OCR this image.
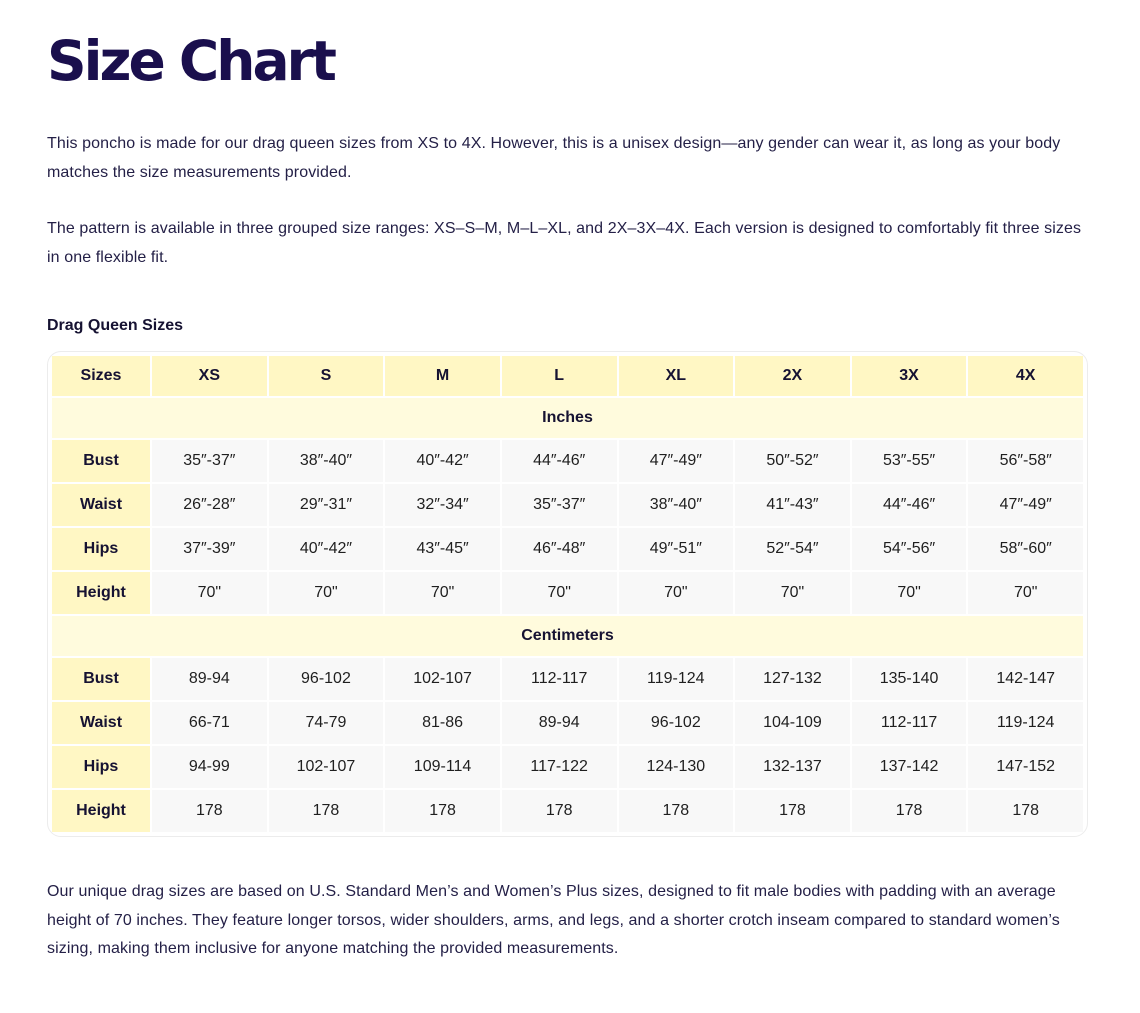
Size Chart

This poncho is made for our drag queen sizes from XS to 4X. However, this is a unisex design—any gender can wear it, as long as your body matches the size measurements provided.

The pattern is available in three grouped size ranges: XS–S–M, M–L–XL, and 2X–3X–4X. Each version is designed to comfortably fit three sizes in one flexible fit.

Drag Queen Sizes
Sizes	XS	S	M	L	XL	2X	3X	4X
Inches								
Bust	35″-37″	38″-40″	40″-42″	44″-46″	47″-49″	50″-52″	53″-55″	56″-58″
Waist	26″-28″	29″-31″	32″-34″	35″-37″	38″-40″	41″-43″	44″-46″	47″-49″
Hips	37″-39″	40″-42″	43″-45″	46″-48″	49″-51″	52″-54″	54″-56″	58″-60″
Height	70"	70"	70"	70"	70"	70"	70"	70"
Centimeters								
Bust	89-94	96-102	102-107	112-117	119-124	127-132	135-140	142-147
Waist	66-71	74-79	81-86	89-94	96-102	104-109	112-117	119-124
Hips	94-99	102-107	109-114	117-122	124-130	132-137	137-142	147-152
Height	178	178	178	178	178	178	178	178

Our unique drag sizes are based on U.S. Standard Men’s and Women’s Plus sizes, designed to fit male bodies with padding with an average height of 70 inches. They feature longer torsos, wider shoulders, arms, and legs, and a shorter crotch inseam compared to standard women’s sizing, making them inclusive for anyone matching the provided measurements.
